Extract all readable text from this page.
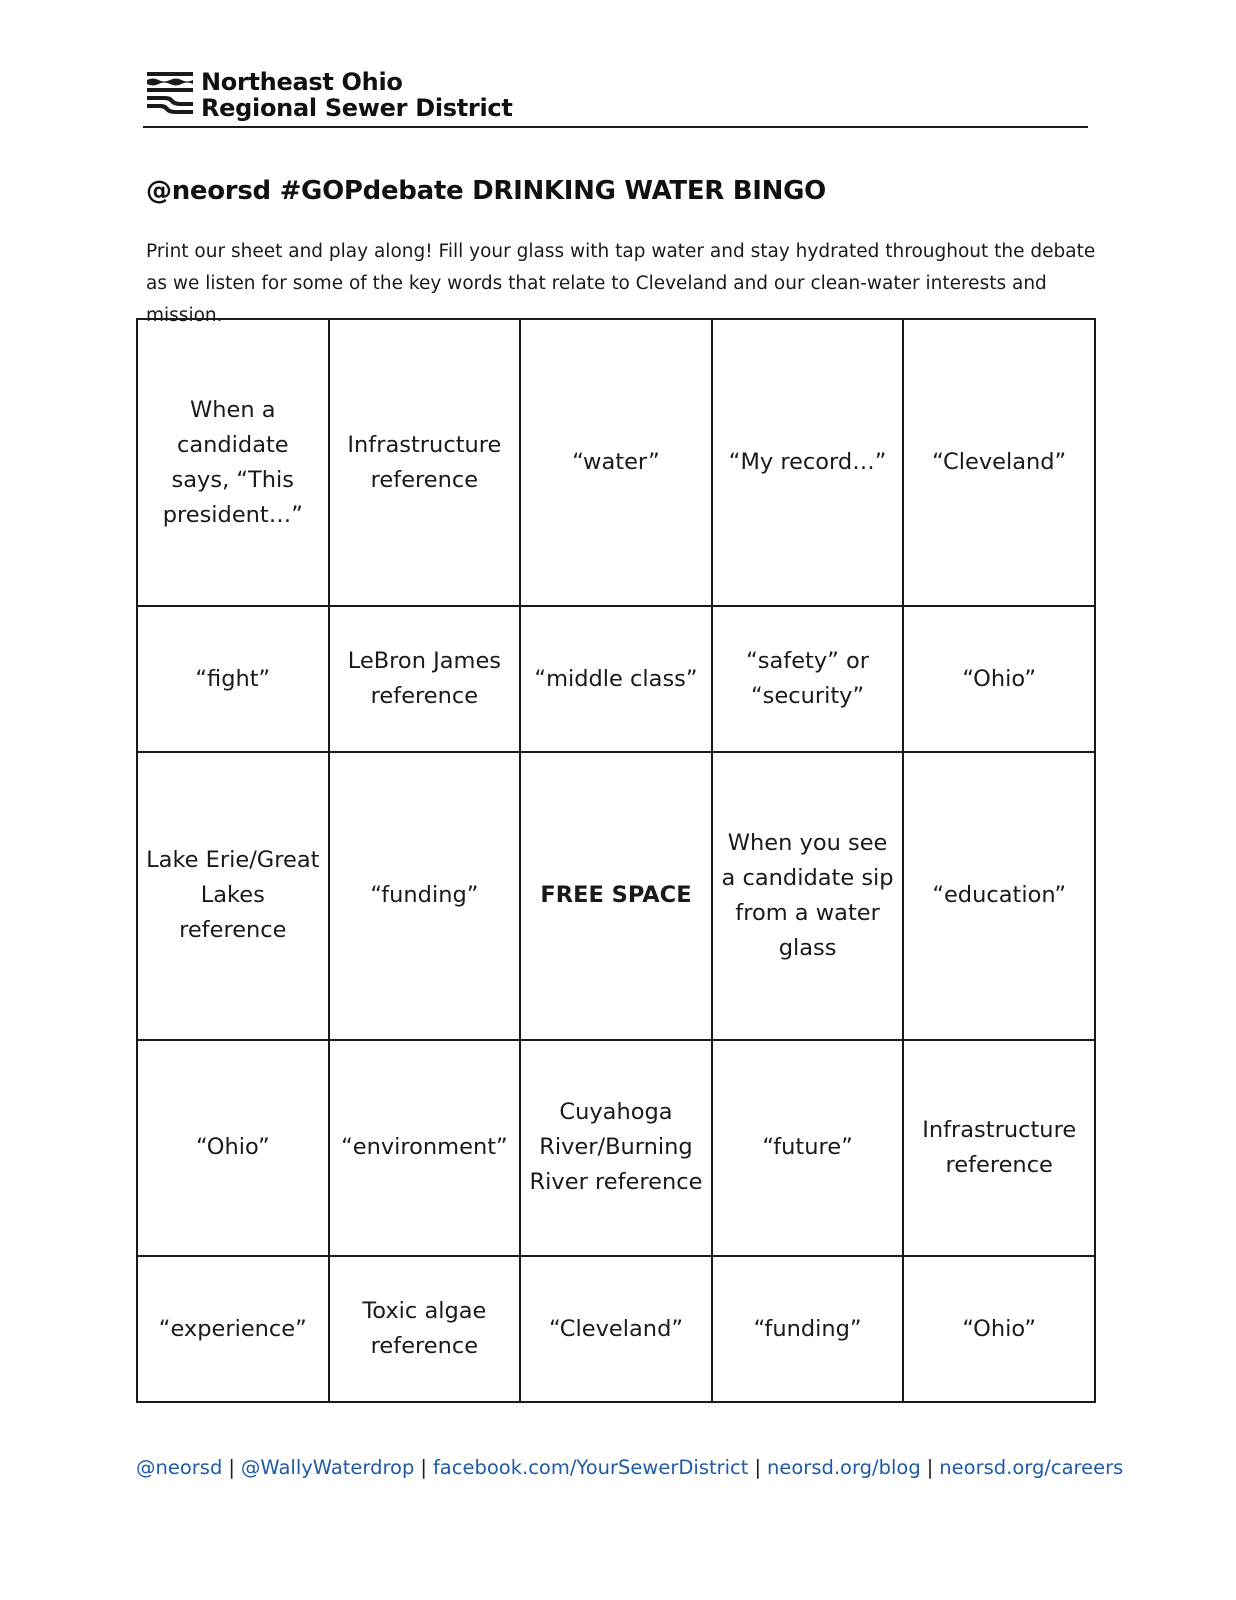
Northeast Ohio
Regional Sewer District
@neorsd #GOPdebate DRINKING WATER BINGO
Print our sheet and play along! Fill your glass with tap water and stay hydrated throughout the debate as we listen for some of the key words that relate to Cleveland and our clean-water interests and mission.
When a candidate says, “This president…”	Infrastructure reference	“water”	“My record…”	“Cleveland”
“fight”	LeBron James reference	“middle class”	“safety” or “security”	“Ohio”
Lake Erie/Great Lakes reference	“funding”	FREE SPACE	When you see a candidate sip from a water glass	“education”
“Ohio”	“environment”	Cuyahoga River/Burning River reference	“future”	Infrastructure reference
“experience”	Toxic algae reference	“Cleveland”	“funding”	“Ohio”
@neorsd | @WallyWaterdrop | facebook.com/YourSewerDistrict | neorsd.org/blog | neorsd.org/careers
